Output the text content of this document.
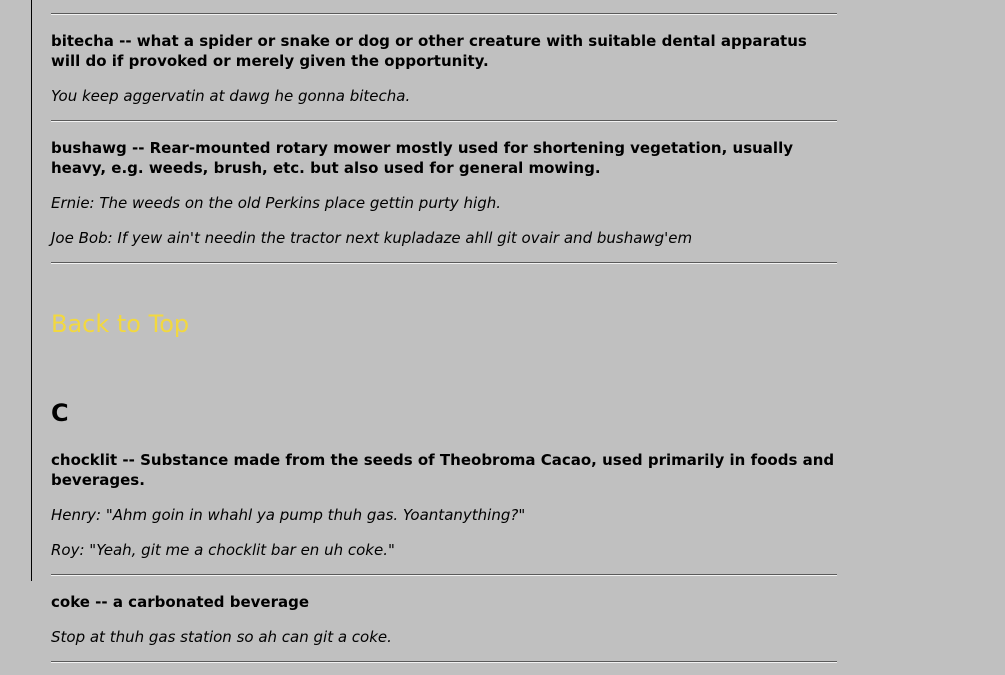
bitecha -- what a spider or snake or dog or other creature with suitable dental apparatus will do if provoked or merely given the opportunity.

You keep aggervatin at dawg he gonna bitecha.

bushawg -- Rear-mounted rotary mower mostly used for shortening vegetation, usually heavy, e.g. weeds, brush, etc. but also used for general mowing.

Ernie: The weeds on the old Perkins place gettin purty high.

Joe Bob: If yew ain't needin the tractor next kupladaze ahll git ovair and bushawg'em

Back to Top
C

chocklit -- Substance made from the seeds of Theobroma Cacao, used primarily in foods and beverages.

Henry: "Ahm goin in whahl ya pump thuh gas. Yoantanything?"

Roy: "Yeah, git me a chocklit bar en uh coke."

coke -- a carbonated beverage

Stop at thuh gas station so ah can git a coke.
